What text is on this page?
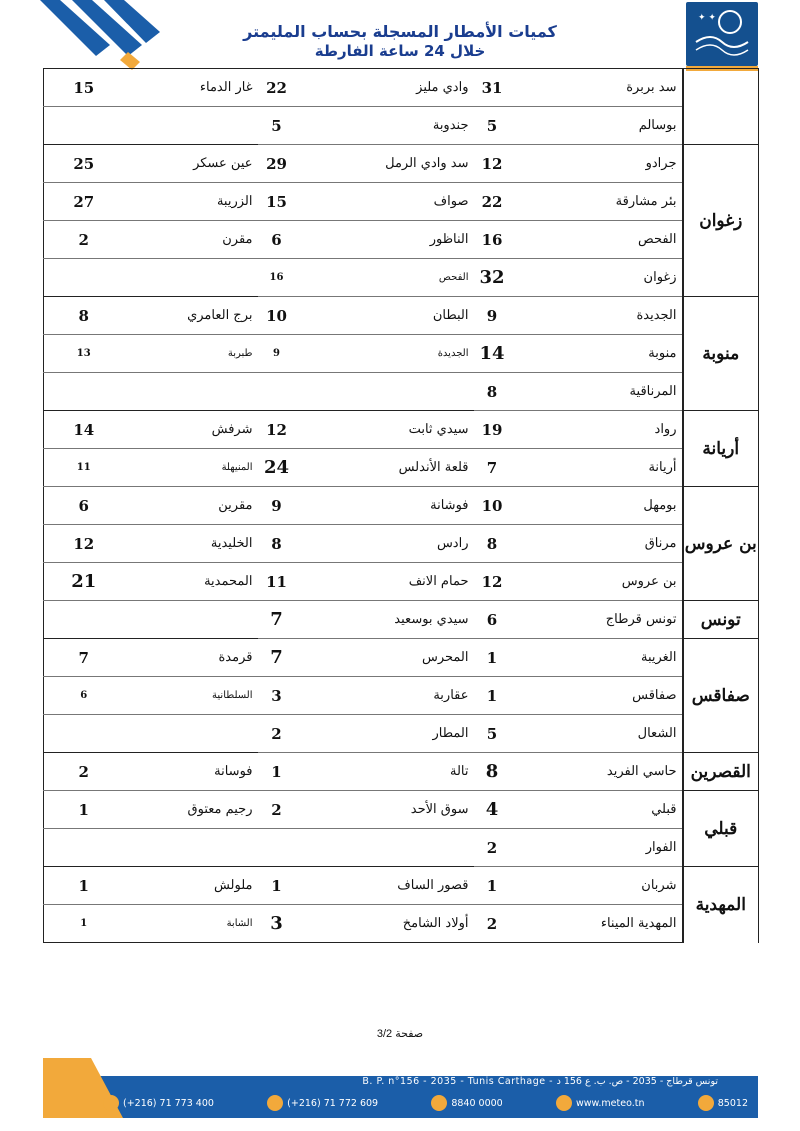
كميات الأمطار المسجلة بحساب المليمتر
خلال 24 ساعة الفارطة
✦ ✦
15	غار الدماء	22	وادي مليز	31	سد بربرة	
		5	جندوبة	5	بوسالم	
25	عين عسكر	29	سد وادي الرمل	12	جرادو	زغوان
27	الزريبة	15	صواف	22	بئر مشارقة	
2	مقرن	6	الناظور	16	الفحص	
		16	الفحص	32	زغوان	
8	برج العامري	10	البطان	9	الجديدة	منوبة
13	طبربة	9	الجديدة	14	منوبة	
				8	المرناقية	
14	شرفش	12	سيدي ثابت	19	رواد	أريانة
11	المنيهلة	24	قلعة الأندلس	7	أريانة	
6	مقرين	9	فوشانة	10	بومهل	بن عروس
12	الخليدية	8	رادس	8	مرناق	
21	المحمدية	11	حمام الانف	12	بن عروس	
		7	سيدي بوسعيد	6	تونس قرطاج	تونس
7	قرمدة	7	المحرس	1	الغريبة	صفاقس
6	السلطانية	3	عقاربة	1	صفاقس	
		2	المطار	5	الشعال	
2	فوسانة	1	تالة	8	حاسي الفريد	القصرين
1	رجيم معتوق	2	سوق الأحد	4	قبلي	قبلي
				2	الفوار	
1	ملولش	1	قصور الساف	1	شربان	المهدية
1	الشابة	3	أولاد الشامخ	2	المهدية الميناء	
صفحة 3/2
B. P. n°156 - 2035 - Tunis Carthage - تونس قرطاج - 2035 - ص. ب. ع 156 د
(+216) 71 773 400	(+216) 71 772 609	8840 0000	www.meteo.tn	85012
